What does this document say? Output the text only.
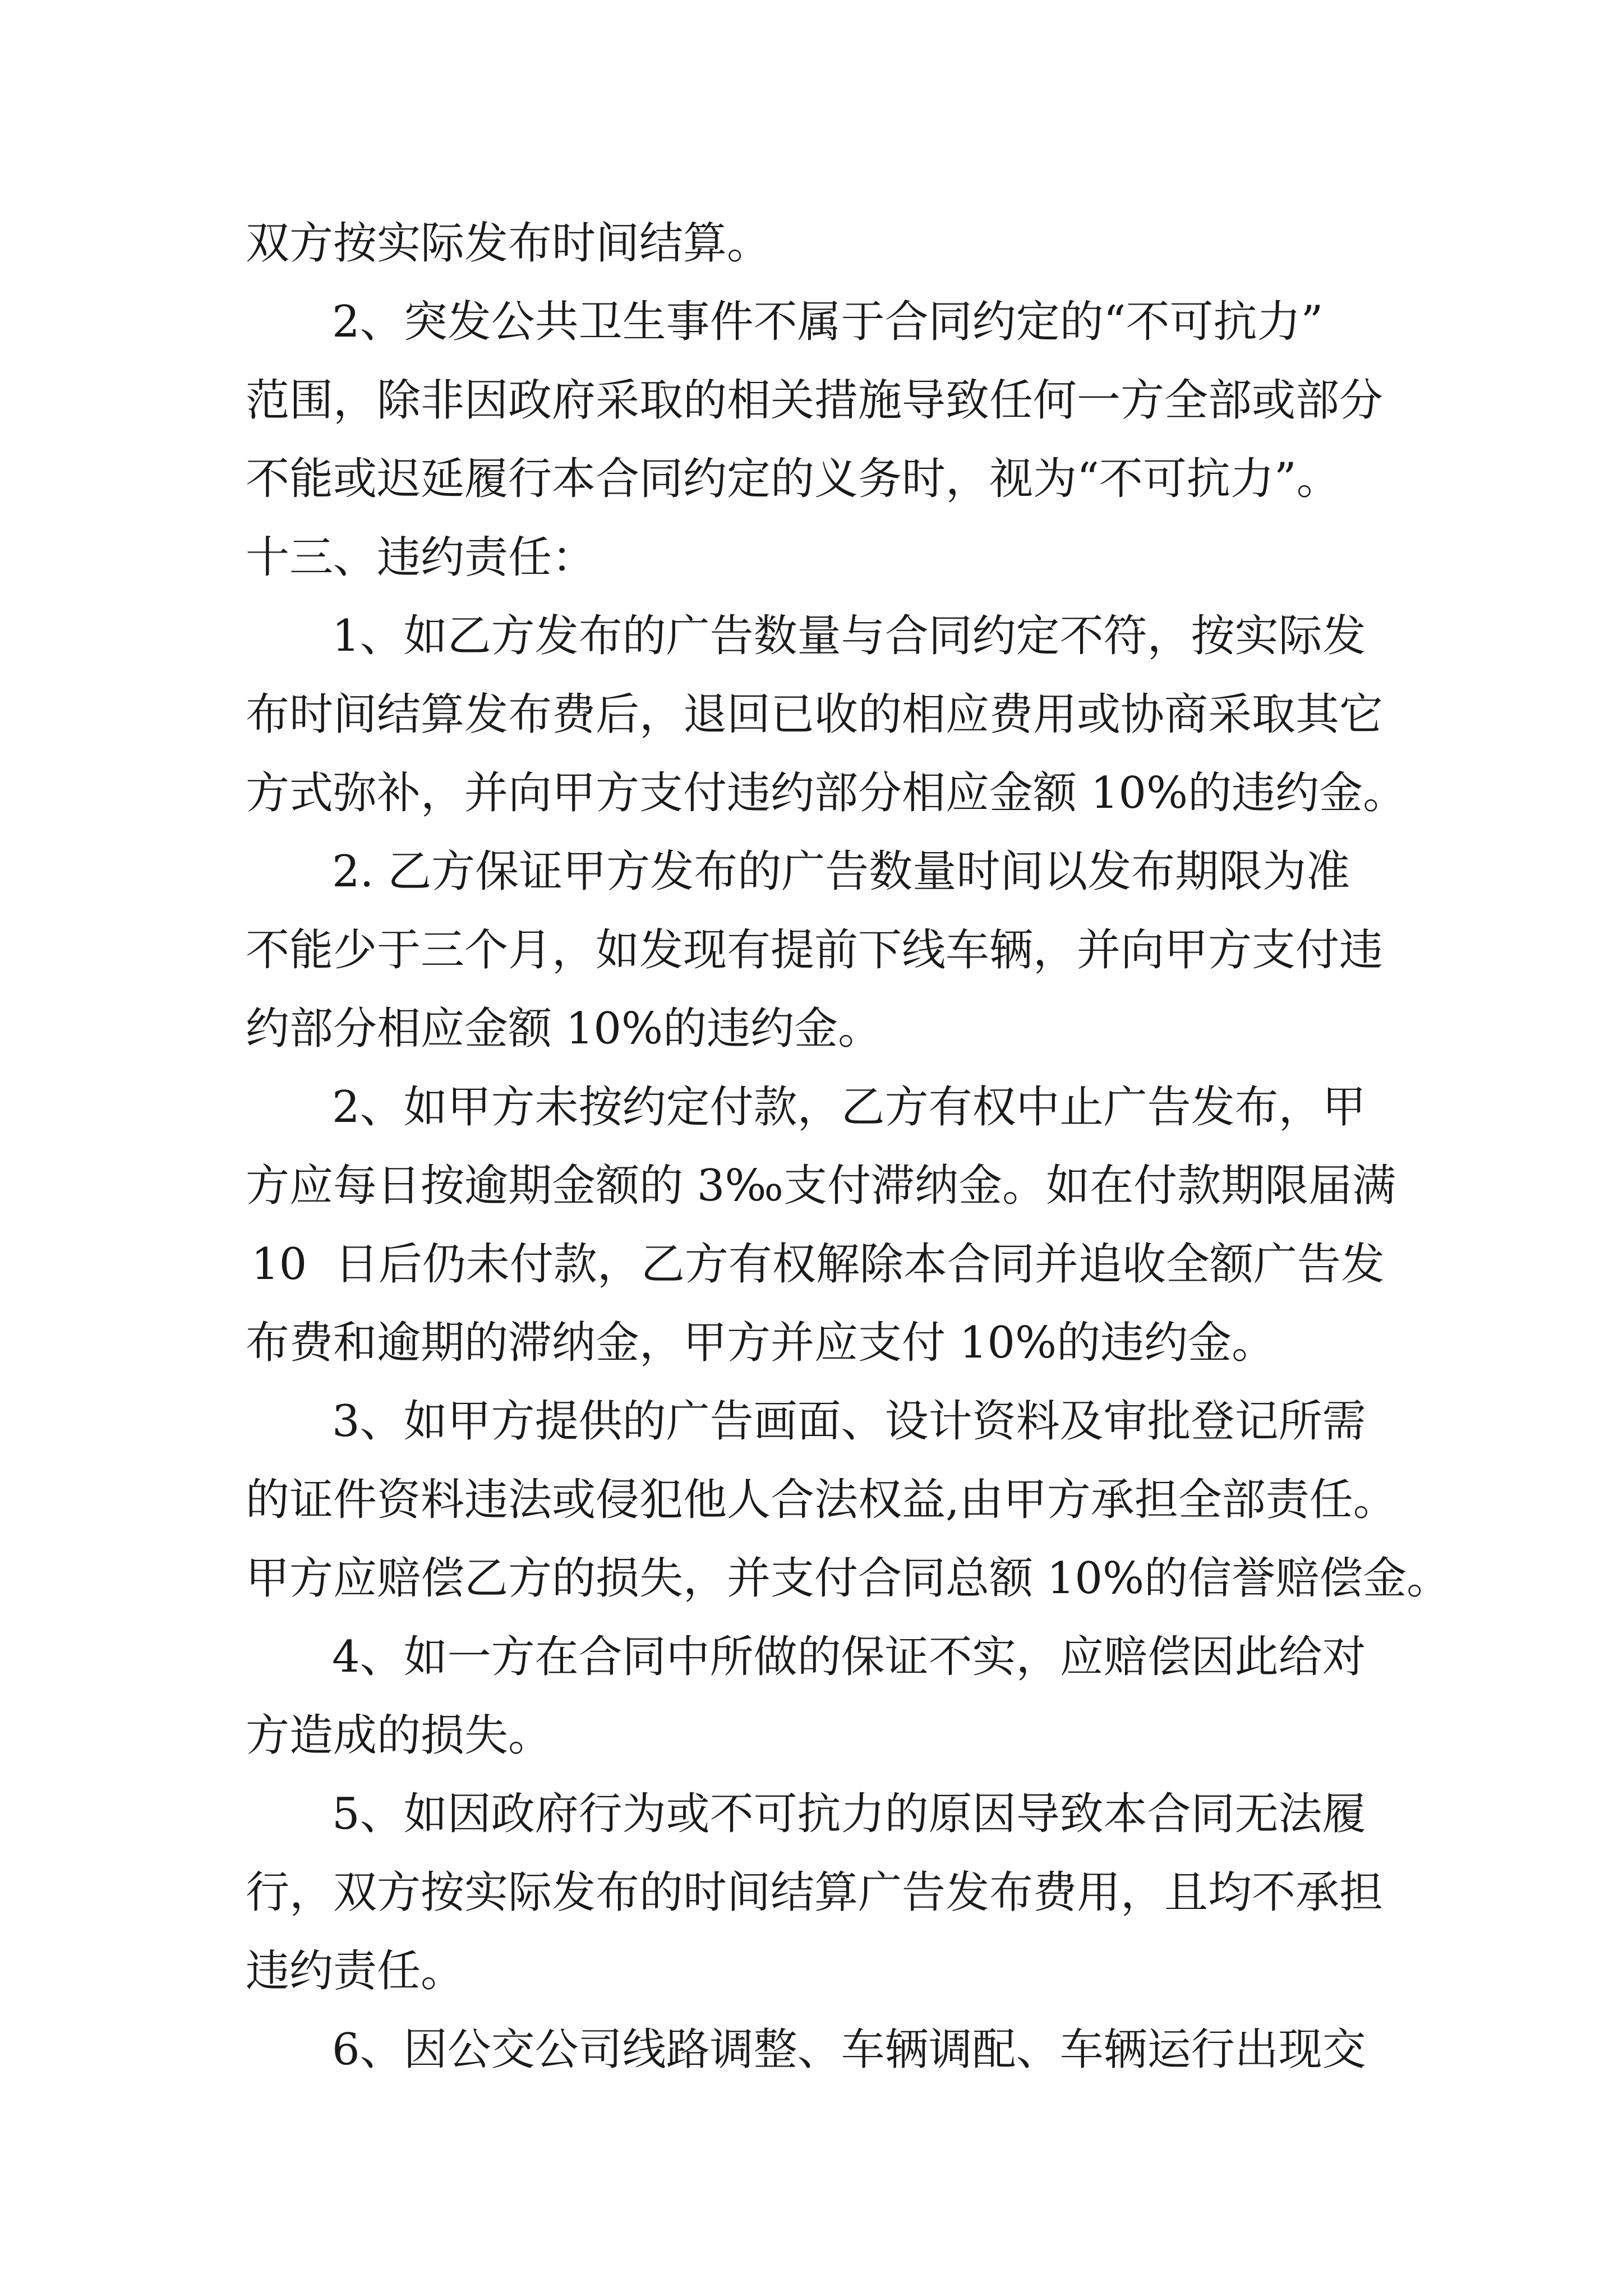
双方按实际发布时间结算。
2、突发公共卫生事件不属于合同约定的“不可抗力”
范围，除非因政府采取的相关措施导致任何一方全部或部分
不能或迟延履行本合同约定的义务时，视为“不可抗力”。
十三、违约责任：
1、如乙方发布的广告数量与合同约定不符，按实际发
布时间结算发布费后，退回已收的相应费用或协商采取其它
方式弥补，并向甲方支付违约部分相应金额 10%的违约金。
2. 乙方保证甲方发布的广告数量时间以发布期限为准
不能少于三个月，如发现有提前下线车辆，并向甲方支付违
约部分相应金额 10%的违约金。
2、如甲方未按约定付款，乙方有权中止广告发布，甲
方应每日按逾期金额的 3‰支付滞纳金。如在付款期限届满
10  日后仍未付款，乙方有权解除本合同并追收全额广告发
布费和逾期的滞纳金，甲方并应支付 10%的违约金。
3、如甲方提供的广告画面、设计资料及审批登记所需
的证件资料违法或侵犯他人合法权益,由甲方承担全部责任。
甲方应赔偿乙方的损失，并支付合同总额 10%的信誉赔偿金。
4、如一方在合同中所做的保证不实，应赔偿因此给对
方造成的损失。
5、如因政府行为或不可抗力的原因导致本合同无法履
行，双方按实际发布的时间结算广告发布费用，且均不承担
违约责任。
6、因公交公司线路调整、车辆调配、车辆运行出现交
